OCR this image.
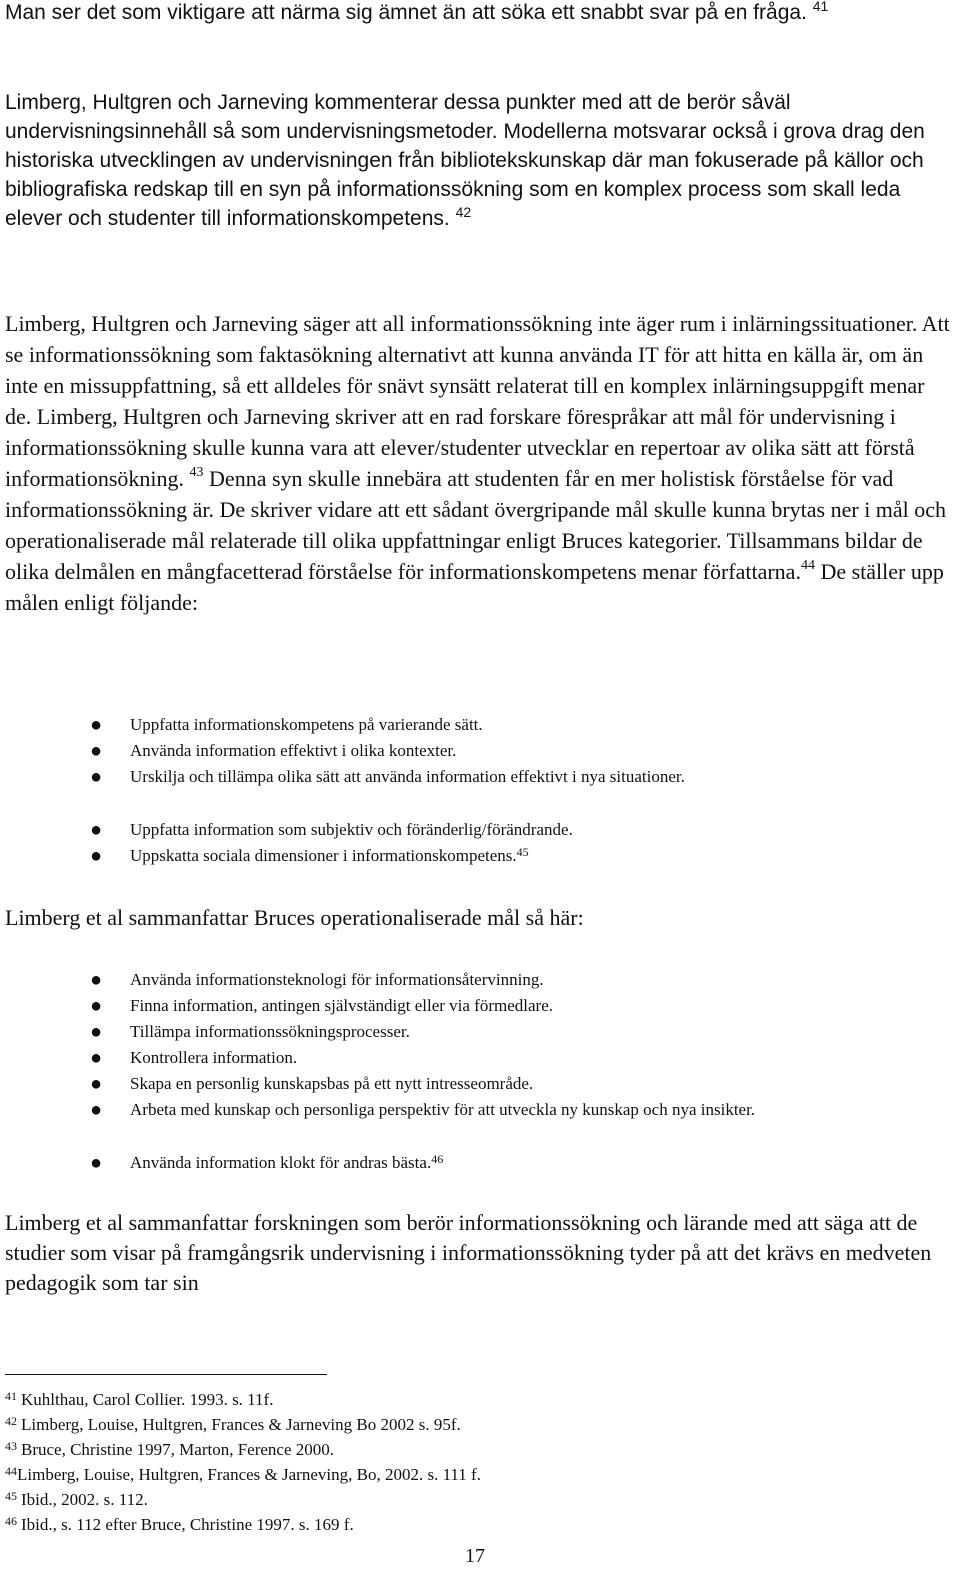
Man ser det som viktigare att närma sig ämnet än att söka ett snabbt svar på en fråga. $^{41}$

Limberg, Hultgren och Jarneving kommenterar dessa punkter med att de berör såväl undervisningsinnehåll så som undervisningsmetoder. Modellerna motsvarar också i grova drag den historiska utvecklingen av undervisningen från bibliotekskunskap där man fokuserade på källor och bibliografiska redskap till en syn på informationssökning som en komplex process som skall leda elever och studenter till informationskompetens. $^{42}$

Limberg, Hultgren och Jarneving säger att all informationssökning inte äger rum i inlärningssituationer. Att se informationssökning som faktasökning alternativt att kunna använda IT för att hitta en källa är, om än inte en missuppfattning, så ett alldeles för snävt synsätt relaterat till en komplex inlärningsuppgift menar de. Limberg, Hultgren och Jarneving skriver att en rad forskare förespråkar att mål för undervisning i informationssökning skulle kunna vara att elever/studenter utvecklar en repertoar av olika sätt att förstå informationsökning. $^{43}$ Denna syn skulle innebära att studenten får en mer holistisk förståelse för vad informationssökning är. De skriver vidare att ett sådant övergripande mål skulle kunna brytas ner i mål och operationaliserade mål relaterade till olika uppfattningar enligt Bruces kategorier. Tillsammans bildar de olika delmålen en mångfacetterad förståelse för informationskompetens menar författarna.$^{44}$ De ställer upp målen enligt följande:

● Uppfatta informationskompetens på varierande sätt.
● Använda information effektivt i olika kontexter.
● Urskilja och tillämpa olika sätt att använda information effektivt i nya situationer.
● Uppfatta information som subjektiv och föränderlig/förändrande.
● Uppskatta sociala dimensioner i informationskompetens.$^{45}$

Limberg et al sammanfattar Bruces operationaliserade mål så här:

● Använda informationsteknologi för informationsåtervinning.
● Finna information, antingen självständigt eller via förmedlare.
● Tillämpa informationssökningsprocesser.
● Kontrollera information.
● Skapa en personlig kunskapsbas på ett nytt intresseområde.
● Arbeta med kunskap och personliga perspektiv för att utveckla ny kunskap och nya insikter.
● Använda information klokt för andras bästa.$^{46}$

Limberg et al sammanfattar forskningen som berör informationssökning och lärande med att säga att de studier som visar på framgångsrik undervisning i informationssökning tyder på att det krävs en medveten pedagogik som tar sin

$^{41}$ Kuhlthau, Carol Collier. 1993. s. 11f.
$^{42}$ Limberg, Louise, Hultgren, Frances & Jarneving Bo 2002 s. 95f.
$^{43}$ Bruce, Christine 1997, Marton, Ference 2000.
$^{44}$Limberg, Louise, Hultgren, Frances & Jarneving, Bo, 2002. s. 111 f.
$^{45}$ Ibid., 2002. s. 112.
$^{46}$ Ibid., s. 112 efter Bruce, Christine 1997. s. 169 f.
17
